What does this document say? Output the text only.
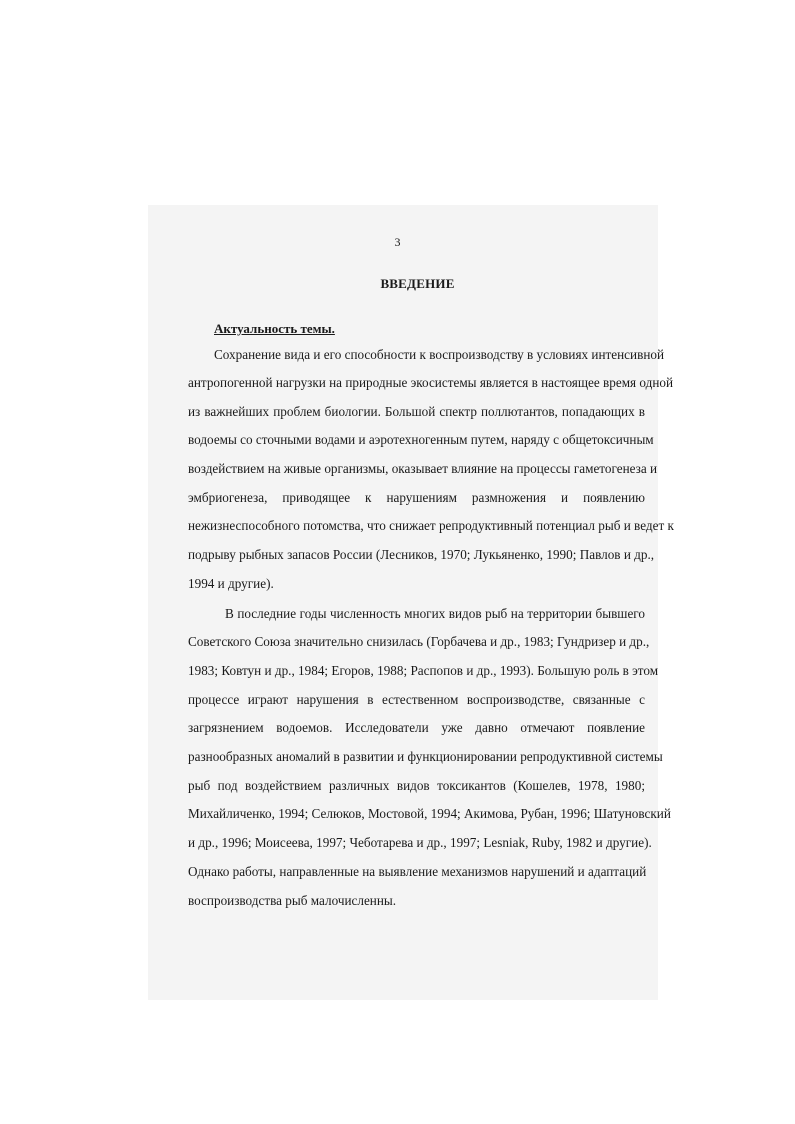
3
ВВЕДЕНИЕ

Актуальность темы.

Сохранение вида и его способности к воспроизводству в условиях интенсивной

антропогенной нагрузки на природные экосистемы является в настоящее время одной

из важнейших проблем биологии. Большой спектр поллютантов, попадающих в

водоемы со сточными водами и аэротехногенным путем, наряду с общетоксичным

воздействием на живые организмы, оказывает влияние на процессы гаметогенеза и

эмбриогенеза, приводящее к нарушениям размножения и появлению

нежизнеспособного потомства, что снижает репродуктивный потенциал рыб и ведет к

подрыву рыбных запасов России (Лесников, 1970; Лукьяненко, 1990; Павлов и др.,

1994 и другие).

В последние годы численность многих видов рыб на территории бывшего

Советского Союза значительно снизилась (Горбачева и др., 1983; Гундризер и др.,

1983; Ковтун и др., 1984; Егоров, 1988; Распопов и др., 1993). Большую роль в этом

процессе играют нарушения в естественном воспроизводстве, связанные с

загрязнением водоемов. Исследователи уже давно отмечают появление

разнообразных аномалий в развитии и функционировании репродуктивной системы

рыб под воздействием различных видов токсикантов (Кошелев, 1978, 1980;

Михайличенко, 1994; Селюков, Мостовой, 1994; Акимова, Рубан, 1996; Шатуновский

и др., 1996; Моисеева, 1997; Чеботарева и др., 1997; Lesniak, Ruby, 1982 и другие).

Однако работы, направленные на выявление механизмов нарушений и адаптаций

воспроизводства рыб малочисленны.
